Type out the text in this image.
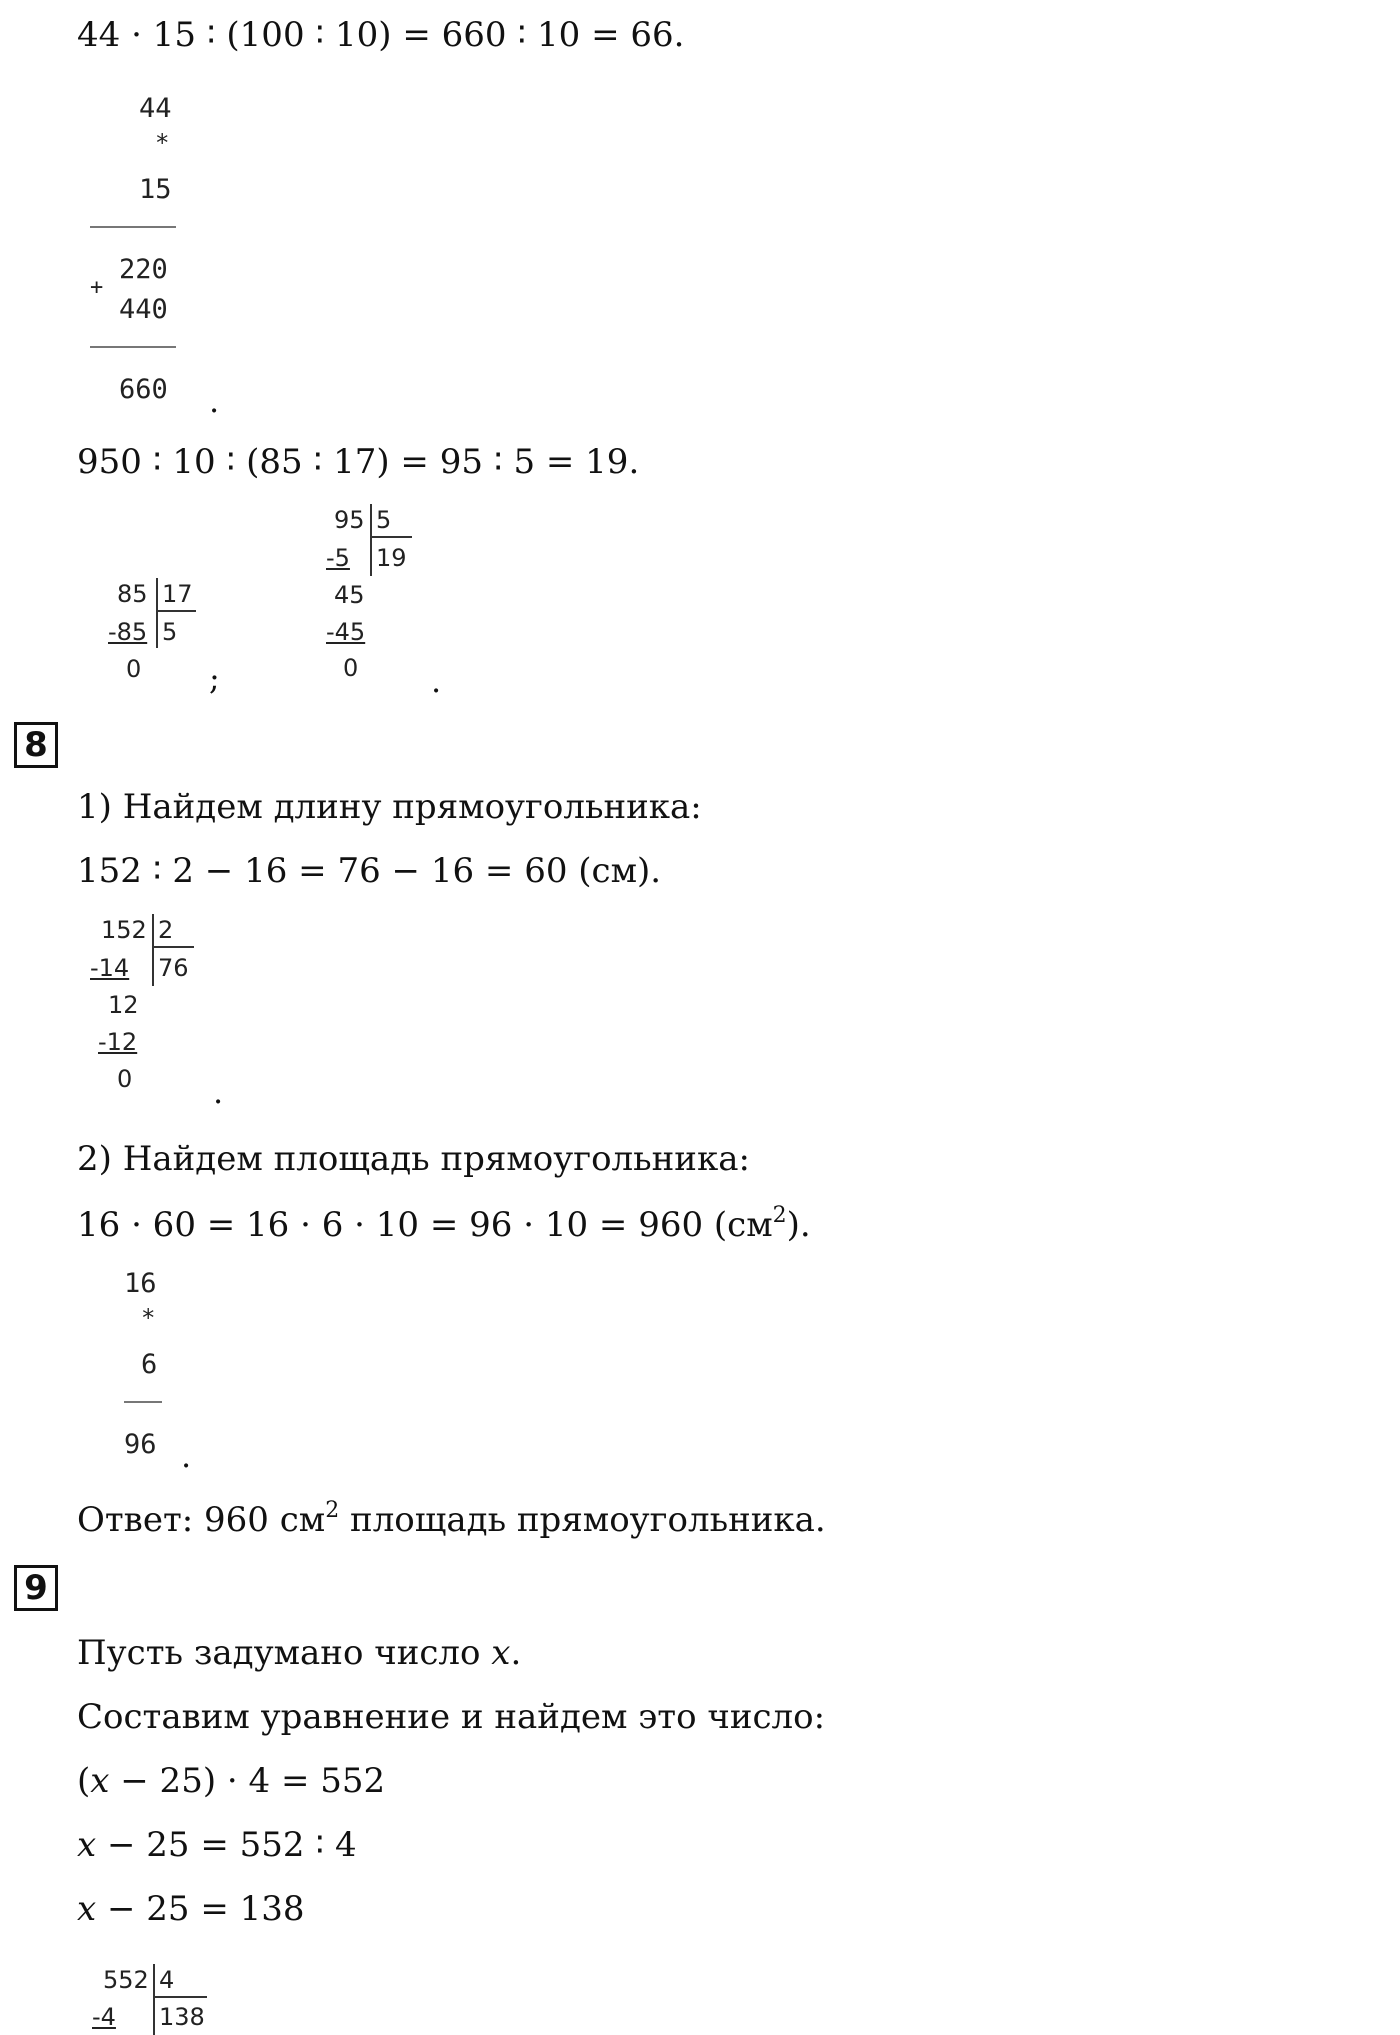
44 · 15 ∶ (100 ∶ 10) = 660 ∶ 10 = 66.
44
*
15
220
+
440
660 .
950 ∶ 10 ∶ (85 ∶ 17) = 95 ∶ 5 = 19.
85 17
-85 5
0 ;
95 5
-5 19
45
-45
0 .
8
1) Найдем длину прямоугольника:
152 ∶ 2 − 16 = 76 − 16 = 60 (см).
152 2
-14 76
12
-12
0	.
2) Найдем площадь прямоугольника:
16 · 60 = 16 · 6 · 10 = 96 · 10 = 960 $(см^2)$.
16
*
6
96 .
Ответ: 960 $см^2$ площадь прямоугольника.
9
Пусть задумано число x.
Составим уравнение и найдем это число:
(x − 25) · 4 = 552
x − 25 = 552 ∶ 4
x − 25 = 138
552 4
-4 138
